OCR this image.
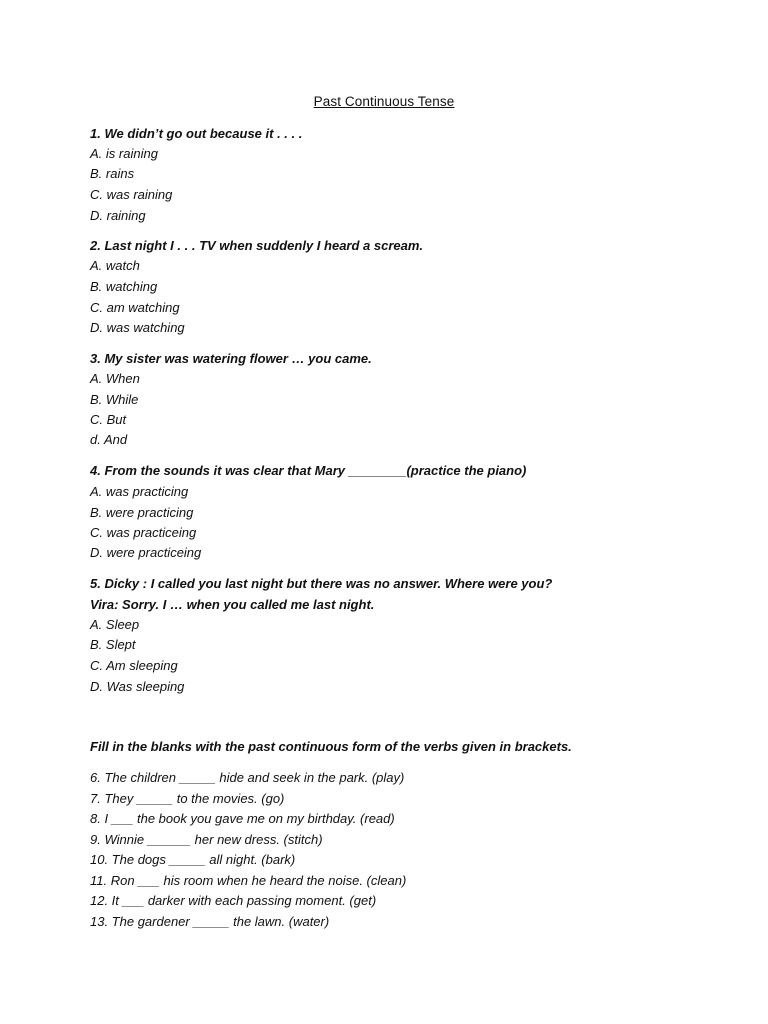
Past Continuous Tense
1. We didn’t go out because it . . . .
A. is raining
B. rains
C. was raining
D. raining
2. Last night I . . . TV when suddenly I heard a scream.
A. watch
B. watching
C. am watching
D. was watching
3. My sister was watering flower … you came.
A. When
B. While
C. But
d. And
4. From the sounds it was clear that Mary ________(practice the piano)
A. was practicing
B. were practicing
C. was practiceing
D. were practiceing
5. Dicky : I called you last night but there was no answer. Where were you?
Vira: Sorry. I … when you called me last night.
A. Sleep
B. Slept
C. Am sleeping
D. Was sleeping
Fill in the blanks with the past continuous form of the verbs given in brackets.
6. The children _____ hide and seek in the park. (play)
7. They _____ to the movies. (go)
8. I ___ the book you gave me on my birthday. (read)
9. Winnie ______ her new dress. (stitch)
10. The dogs _____ all night. (bark)
11. Ron ___ his room when he heard the noise. (clean)
12. It ___ darker with each passing moment. (get)
13. The gardener _____ the lawn. (water)
